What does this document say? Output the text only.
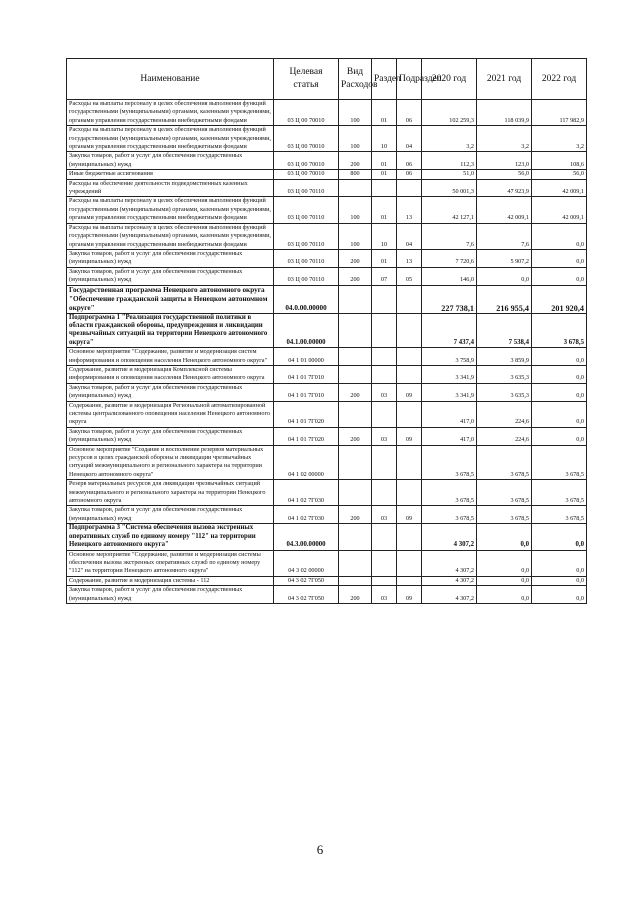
Наименование	Целевая статья	Вид Расходов	Раздел	Подраздел	2020 год	2021 год	2022 год
Расходы на выплаты персоналу в целях обеспечения выполнения функций государственными (муниципальными) органами, казенными учреждениями, органами управления государственными внебюджетными фондами	03 Ц 00 70010	100	01	06	102 259,3	118 039,9	117 982,9
Расходы на выплаты персоналу в целях обеспечения выполнения функций государственными (муниципальными) органами, казенными учреждениями, органами управления государственными внебюджетными фондами	03 Ц 00 70010	100	10	04	3,2	3,2	3,2
Закупка товаров, работ и услуг для обеспечения государственных (муниципальных) нужд	03 Ц 00 70010	200	01	06	112,3	123,0	108,6
Иные бюджетные ассигнования	03 Ц 00 70010	800	01	06	51,0	56,0	56,0
Расходы на обеспечение деятельности подведомственных казенных учреждений	03 Ц 00 70110				50 001,3	47 923,9	42 009,1
Расходы на выплаты персоналу в целях обеспечения выполнения функций государственными (муниципальными) органами, казенными учреждениями, органами управления государственными внебюджетными фондами	03 Ц 00 70110	100	01	13	42 127,1	42 009,1	42 009,1
Расходы на выплаты персоналу в целях обеспечения выполнения функций государственными (муниципальными) органами, казенными учреждениями, органами управления государственными внебюджетными фондами	03 Ц 00 70110	100	10	04	7,6	7,6	0,0
Закупка товаров, работ и услуг для обеспечения государственных (муниципальных) нужд	03 Ц 00 70110	200	01	13	7 720,6	5 907,2	0,0
Закупка товаров, работ и услуг для обеспечения государственных (муниципальных) нужд	03 Ц 00 70110	200	07	05	146,0	0,0	0,0
Государственная программа Ненецкого автономного округа "Обеспечение гражданской защиты в Ненецком автономном округе"	04.0.00.00000				227 738,1	216 955,4	201 920,4
Подпрограмма 1 "Реализация государственной политики в области гражданской обороны, предупреждения и ликвидации чрезвычайных ситуаций на территории Ненецкого автономного округа"	04.1.00.00000				7 437,4	7 538,4	3 678,5
Основное мероприятие "Содержание, развитие и модернизация систем информирования и оповещения населения Ненецкого автономного округа"	04 1 01 00000				3 758,9	3 859,9	0,0
Содержание, развитие и модернизация Комплексной системы информирования и оповещения населения Ненецкого автономного округа	04 1 01 7Г010				3 341,9	3 635,3	0,0
Закупка товаров, работ и услуг для обеспечения государственных (муниципальных) нужд	04 1 01 7Г010	200	03	09	3 341,9	3 635,3	0,0
Содержание, развитие и модернизация Региональной автоматизированной системы централизованного оповещения населения Ненецкого автономного округа	04 1 01 7Г020				417,0	224,6	0,0
Закупка товаров, работ и услуг для обеспечения государственных (муниципальных) нужд	04 1 01 7Г020	200	03	09	417,0	224,6	0,0
Основное мероприятие "Создание и восполнение резервов материальных ресурсов в целях гражданской обороны и ликвидации чрезвычайных ситуаций межмуниципального и регионального характера на территории Ненецкого автономного округа"	04 1 02 00000				3 678,5	3 678,5	3 678,5
Резерв материальных ресурсов для ликвидации чрезвычайных ситуаций межмуниципального и регионального характера на территории Ненецкого автономного округа	04 1 02 7Г030				3 678,5	3 678,5	3 678,5
Закупка товаров, работ и услуг для обеспечения государственных (муниципальных) нужд	04 1 02 7Г030	200	03	09	3 678,5	3 678,5	3 678,5
Подпрограмма 3 "Система обеспечения вызова экстренных оперативных служб по единому номеру "112" на территории Ненецкого автономного округа"	04.3.00.00000				4 307,2	0,0	0,0
Основное мероприятие "Содержание, развитие и модернизация системы обеспечения вызова экстренных оперативных служб по единому номеру "112" на территории Ненецкого автономного округа"	04 3 02 00000				4 307,2	0,0	0,0
Содержание, развитие и модернизация системы - 112	04 3 02 7Г050				4 307,2	0,0	0,0
Закупка товаров, работ и услуг для обеспечения государственных (муниципальных) нужд	04 3 02 7Г050	200	03	09	4 307,2	0,0	0,0
6
